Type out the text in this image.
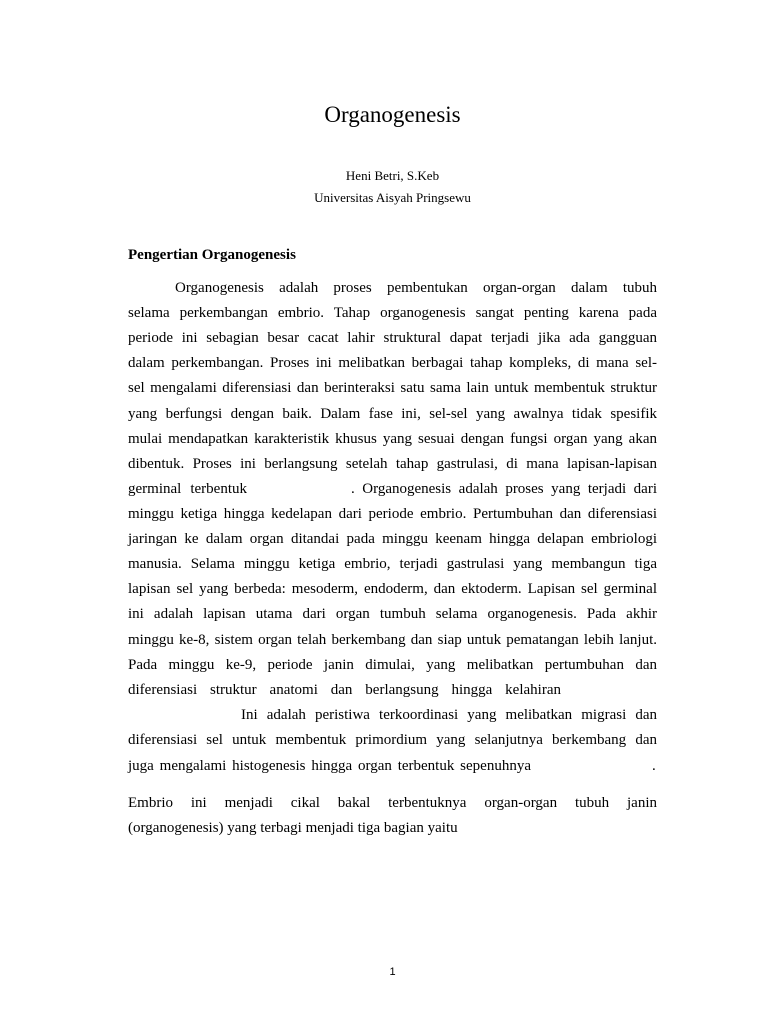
Organogenesis
Heni Betri, S.Keb
Universitas Aisyah Pringsewu
Pengertian Organogenesis
Organogenesis adalah proses pembentukan organ-organ dalam tubuh
selama perkembangan embrio. Tahap organogenesis sangat penting karena pada
periode ini sebagian besar cacat lahir struktural dapat terjadi jika ada gangguan
dalam perkembangan. Proses ini melibatkan berbagai tahap kompleks, di mana sel-
sel mengalami diferensiasi dan berinteraksi satu sama lain untuk membentuk struktur
yang berfungsi dengan baik. Dalam fase ini, sel-sel yang awalnya tidak spesifik
mulai mendapatkan karakteristik khusus yang sesuai dengan fungsi organ yang akan
dibentuk. Proses ini berlangsung setelah tahap gastrulasi, di mana lapisan-lapisan
germinal terbentuk	. Organogenesis adalah proses yang terjadi dari
minggu ketiga hingga kedelapan dari periode embrio. Pertumbuhan dan diferensiasi
jaringan ke dalam organ ditandai pada minggu keenam hingga delapan embriologi
manusia. Selama minggu ketiga embrio, terjadi gastrulasi yang membangun tiga
lapisan sel yang berbeda: mesoderm, endoderm, dan ektoderm. Lapisan sel germinal
ini adalah lapisan utama dari organ tumbuh selama organogenesis. Pada akhir
minggu ke-8, sistem organ telah berkembang dan siap untuk pematangan lebih lanjut.
Pada minggu ke-9, periode janin dimulai, yang melibatkan pertumbuhan dan
diferensiasi struktur anatomi dan berlangsung hingga kelahiran
Ini adalah peristiwa terkoordinasi yang melibatkan migrasi dan
diferensiasi sel untuk membentuk primordium yang selanjutnya berkembang dan
juga mengalami histogenesis hingga organ terbentuk sepenuhnya	.
Embrio ini menjadi cikal bakal terbentuknya organ-organ tubuh janin
(organogenesis) yang terbagi menjadi tiga bagian yaitu
1
